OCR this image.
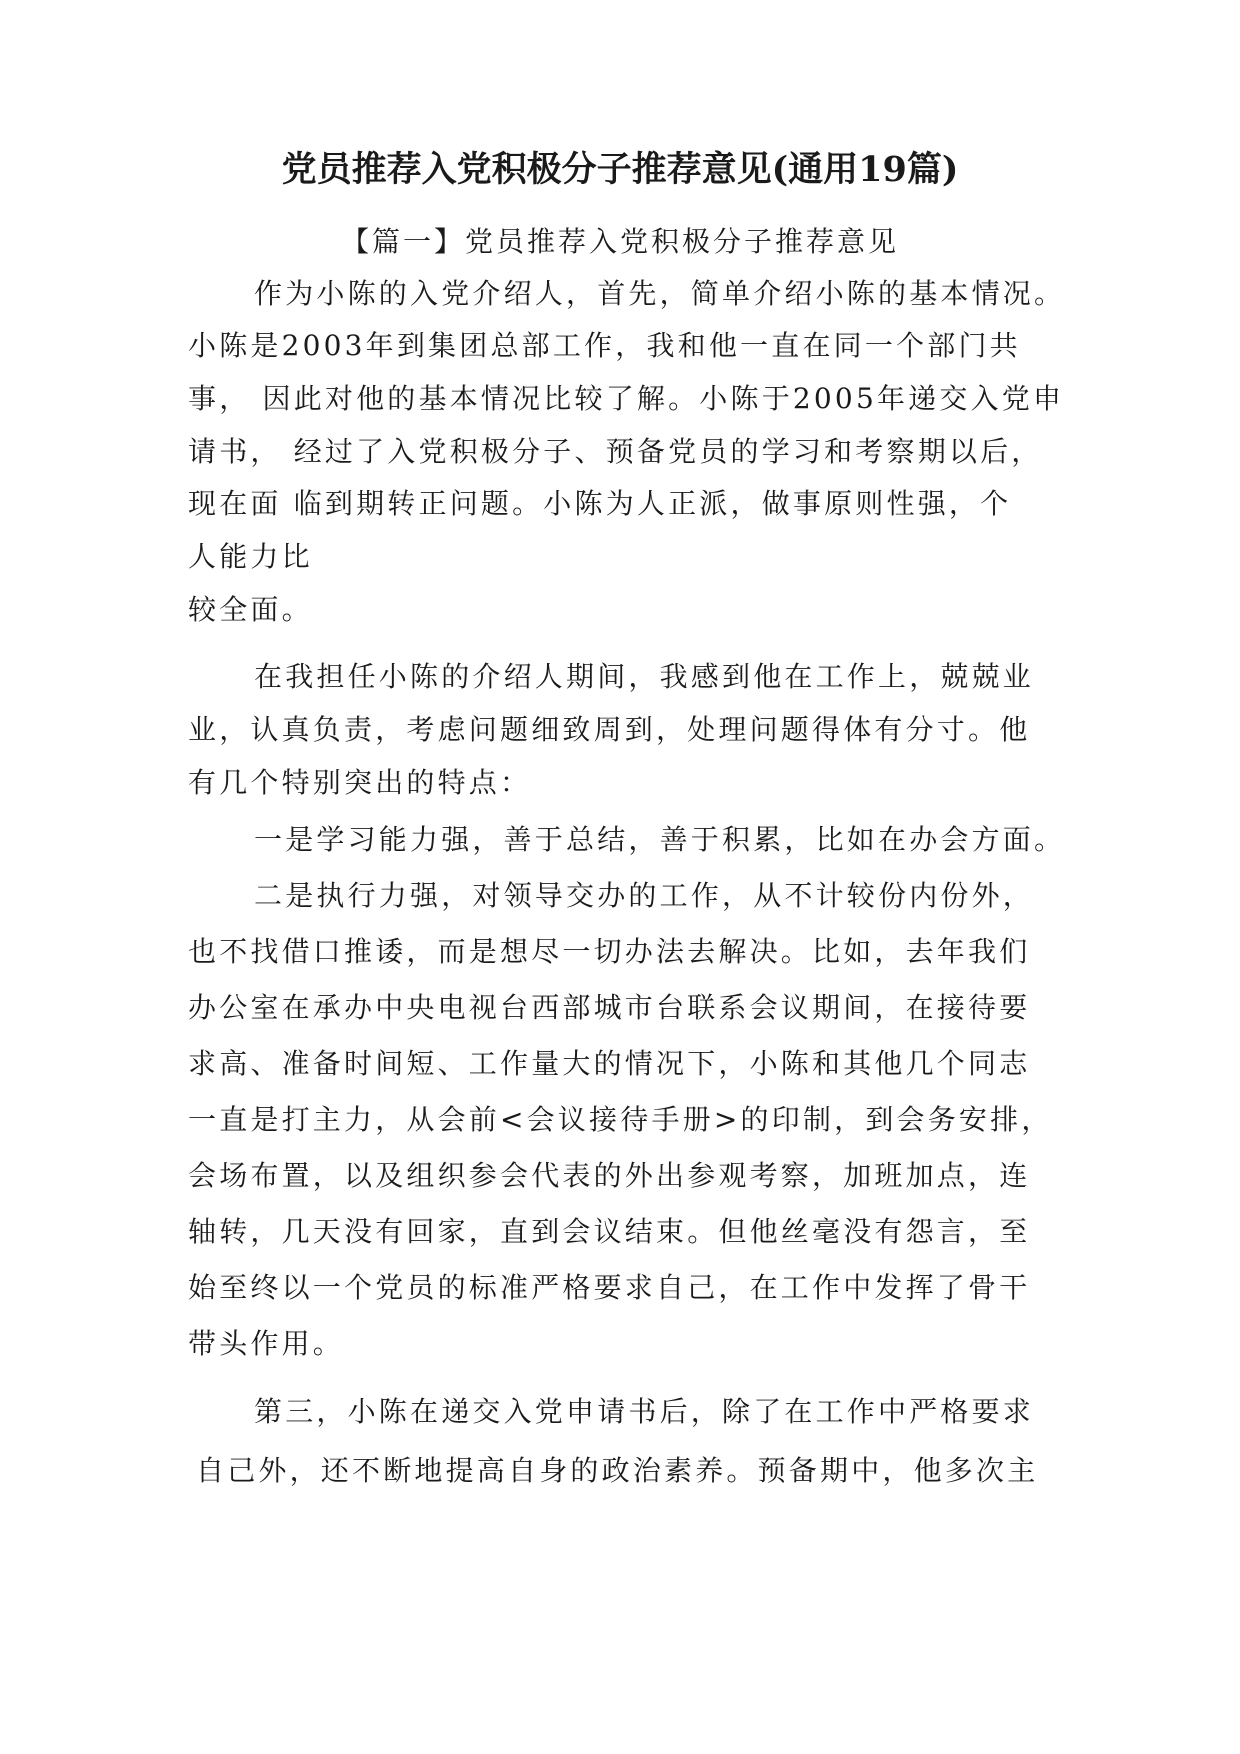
党员推荐入党积极分子推荐意见(通用19篇)
【篇一】党员推荐入党积极分子推荐意见
作为小陈的入党介绍人，首先，简单介绍小陈的基本情况。
小陈是2003年到集团总部工作，我和他一直在同一个部门共
事， 因此对他的基本情况比较了解。小陈于2005年递交入党申
请书， 经过了入党积极分子、预备党员的学习和考察期以后，
现在面 临到期转正问题。小陈为人正派，做事原则性强，个
人能力比
较全面。
在我担任小陈的介绍人期间，我感到他在工作上，兢兢业
业，认真负责，考虑问题细致周到，处理问题得体有分寸。他
有几个特别突出的特点：
一是学习能力强，善于总结，善于积累，比如在办会方面。
二是执行力强，对领导交办的工作，从不计较份内份外，
也不找借口推诿，而是想尽一切办法去解决。比如，去年我们
办公室在承办中央电视台西部城市台联系会议期间，在接待要
求高、准备时间短、工作量大的情况下，小陈和其他几个同志
一直是打主力，从会前<会议接待手册>的印制，到会务安排，
会场布置，以及组织参会代表的外出参观考察，加班加点，连
轴转，几天没有回家，直到会议结束。但他丝毫没有怨言，至
始至终以一个党员的标准严格要求自己，在工作中发挥了骨干
带头作用。
第三，小陈在递交入党申请书后，除了在工作中严格要求
自己外，还不断地提高自身的政治素养。预备期中，他多次主
